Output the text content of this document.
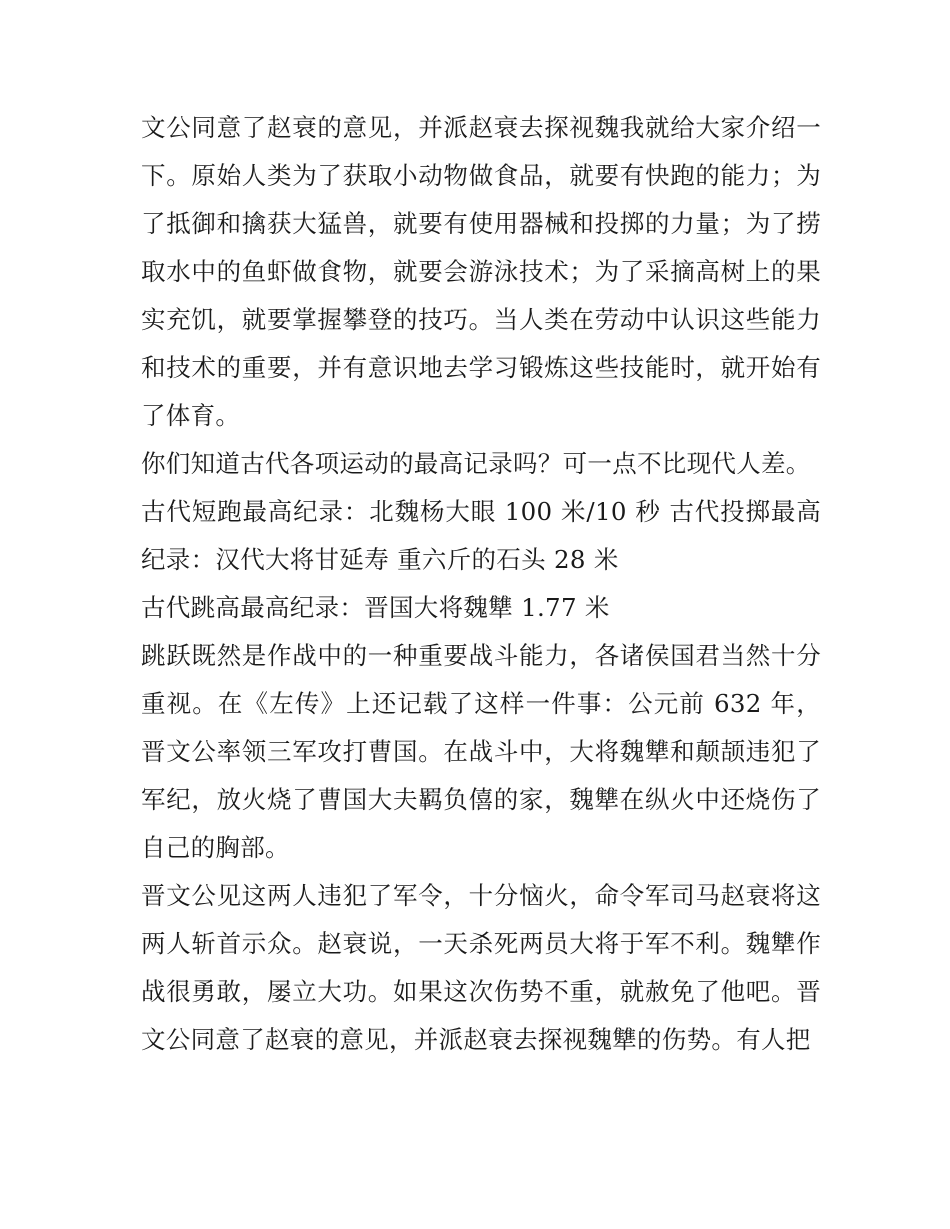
文公同意了赵衰的意见，并派赵衰去探视魏我就给大家介绍一下。原始人类为了获取小动物做食品，就要有快跑的能力；为了抵御和擒获大猛兽，就要有使用器械和投掷的力量；为了捞取水中的鱼虾做食物，就要会游泳技术；为了采摘高树上的果实充饥，就要掌握攀登的技巧。当人类在劳动中认识这些能力和技术的重要，并有意识地去学习锻炼这些技能时，就开始有了体育。

你们知道古代各项运动的最高记录吗？可一点不比现代人差。

古代短跑最高纪录：北魏杨大眼 100 米/10 秒 古代投掷最高纪录：汉代大将甘延寿 重六斤的石头 28 米

古代跳高最高纪录：晋国大将魏犨 1.77 米

跳跃既然是作战中的一种重要战斗能力，各诸侯国君当然十分重视。在《左传》上还记载了这样一件事：公元前 632 年，晋文公率领三军攻打曹国。在战斗中，大将魏犨和颠颉违犯了军纪，放火烧了曹国大夫羁负僖的家，魏犨在纵火中还烧伤了自己的胸部。

晋文公见这两人违犯了军令，十分恼火，命令军司马赵衰将这两人斩首示众。赵衰说，一天杀死两员大将于军不利。魏犨作战很勇敢，屡立大功。如果这次伤势不重，就赦免了他吧。晋文公同意了赵衰的意见，并派赵衰去探视魏犨的伤势。有人把
